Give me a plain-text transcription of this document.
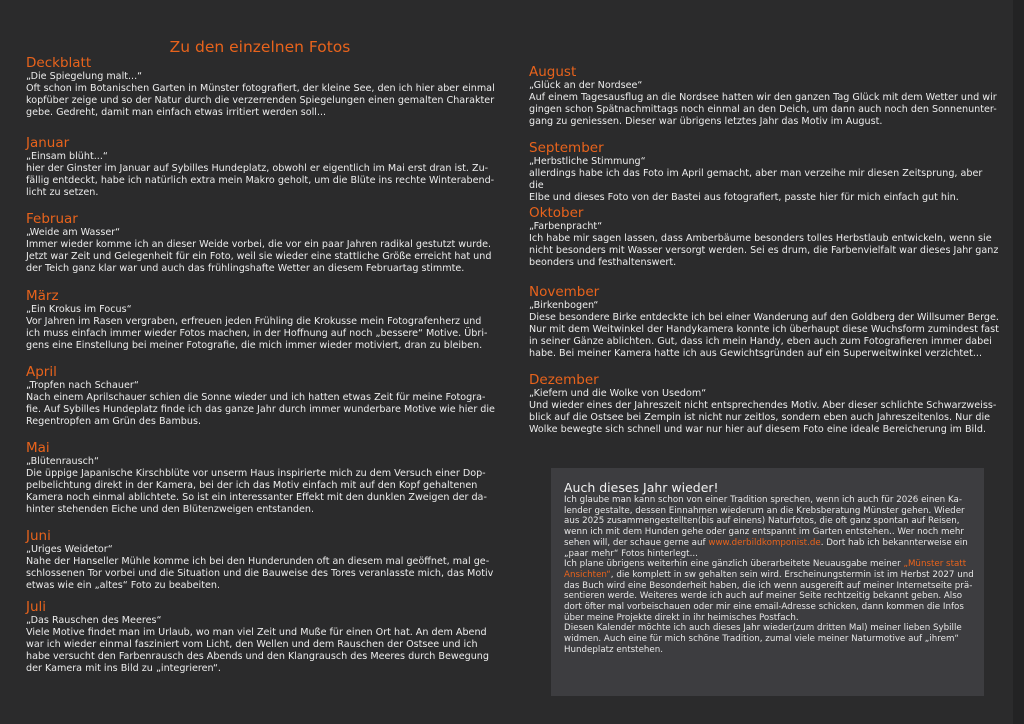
Zu den einzelnen Fotos
Deckblatt
„Die Spiegelung malt...“
Oft schon im Botanischen Garten in Münster fotografiert, der kleine See, den ich hier aber einmal
kopfüber zeige und so der Natur durch die verzerrenden Spiegelungen einen gemalten Charakter
gebe. Gedreht, damit man einfach etwas irritiert werden soll...
Januar
„Einsam blüht...“
hier der Ginster im Januar auf Sybilles Hundeplatz, obwohl er eigentlich im Mai erst dran ist. Zu-
fällig entdeckt, habe ich natürlich extra mein Makro geholt, um die Blüte ins rechte Winterabend-
licht zu setzen.
Februar
„Weide am Wasser“
Immer wieder komme ich an dieser Weide vorbei, die vor ein paar Jahren radikal gestutzt wurde.
Jetzt war Zeit und Gelegenheit für ein Foto, weil sie wieder eine stattliche Größe erreicht hat und
der Teich ganz klar war und auch das frühlingshafte Wetter an diesem Februartag stimmte.
März
„Ein Krokus im Focus“
Vor Jahren im Rasen vergraben, erfreuen jeden Frühling die Krokusse mein Fotografenherz und
ich muss einfach immer wieder Fotos machen, in der Hoffnung auf noch „bessere“ Motive. Übri-
gens eine Einstellung bei meiner Fotografie, die mich immer wieder motiviert, dran zu bleiben.
April
„Tropfen nach Schauer“
Nach einem Aprilschauer schien die Sonne wieder und ich hatten etwas Zeit für meine Fotogra-
fie. Auf Sybilles Hundeplatz finde ich das ganze Jahr durch immer wunderbare Motive wie hier die
Regentropfen am Grün des Bambus.
Mai
„Blütenrausch“
Die üppige Japanische Kirschblüte vor unserm Haus inspirierte mich zu dem Versuch einer Dop-
pelbelichtung direkt in der Kamera, bei der ich das Motiv einfach mit auf den Kopf gehaltenen
Kamera noch einmal ablichtete. So ist ein interessanter Effekt mit den dunklen Zweigen der da-
hinter stehenden Eiche und den Blütenzweigen entstanden.
Juni
„Uriges Weidetor“
Nahe der Hanseller Mühle komme ich bei den Hunderunden oft an diesem mal geöffnet, mal ge-
schlossenen Tor vorbei und die Situation und die Bauweise des Tores veranlasste mich, das Motiv
etwas wie ein „altes“ Foto zu beabeiten.
Juli
„Das Rauschen des Meeres“
Viele Motive findet man im Urlaub, wo man viel Zeit und Muße für einen Ort hat. An dem Abend
war ich wieder einmal fasziniert vom Licht, den Wellen und dem Rauschen der Ostsee und ich
habe versucht den Farbenrausch des Abends und den Klangrausch des Meeres durch Bewegung
der Kamera mit ins Bild zu „integrieren“.
August
„Glück an der Nordsee“
Auf einem Tagesausflug an die Nordsee hatten wir den ganzen Tag Glück mit dem Wetter und wir
gingen schon Spätnachmittags noch einmal an den Deich, um dann auch noch den Sonnenunter-
gang zu geniessen. Dieser war übrigens letztes Jahr das Motiv im August.
September
„Herbstliche Stimmung“
allerdings habe ich das Foto im April gemacht, aber man verzeihe mir diesen Zeitsprung, aber die
Elbe und dieses Foto von der Bastei aus fotografiert, passte hier für mich einfach gut hin.
Oktober
„Farbenpracht“
Ich habe mir sagen lassen, dass Amberbäume besonders tolles Herbstlaub entwickeln, wenn sie
nicht besonders mit Wasser versorgt werden. Sei es drum, die Farbenvielfalt war dieses Jahr ganz
beonders und festhaltenswert.
November
„Birkenbogen“
Diese besondere Birke entdeckte ich bei einer Wanderung auf den Goldberg der Willsumer Berge.
Nur mit dem Weitwinkel der Handykamera konnte ich überhaupt diese Wuchsform zumindest fast
in seiner Gänze ablichten. Gut, dass ich mein Handy, eben auch zum Fotografieren immer dabei
habe. Bei meiner Kamera hatte ich aus Gewichtsgründen auf ein Superweitwinkel verzichtet...
Dezember
„Kiefern und die Wolke von Usedom“
Und wieder eines der Jahreszeit nicht entsprechendes Motiv. Aber dieser schlichte Schwarzweiss-
blick auf die Ostsee bei Zempin ist nicht nur zeitlos, sondern eben auch Jahreszeitenlos. Nur die
Wolke bewegte sich schnell und war nur hier auf diesem Foto eine ideale Bereicherung im Bild.
Auch dieses Jahr wieder!
Ich glaube man kann schon von einer Tradition sprechen, wenn ich auch für 2026 einen Ka-
lender gestalte, dessen Einnahmen wiederum an die Krebsberatung Münster gehen. Wieder
aus 2025 zusammengestellten(bis auf einens) Naturfotos, die oft ganz spontan auf Reisen,
wenn ich mit dem Hunden gehe oder ganz entspannt im Garten entstehen.. Wer noch mehr
sehen will, der schaue gerne auf www.derbildkomponist.de. Dort hab ich bekannterweise ein
„paar mehr“ Fotos hinterlegt...
Ich plane übrigens weiterhin eine gänzlich überarbeitete Neuausgabe meiner „Münster statt
Ansichten“, die komplett in sw gehalten sein wird. Erscheinungstermin ist im Herbst 2027 und
das Buch wird eine Besonderheit haben, die ich wenn ausgereift auf meiner Internetseite prä-
sentieren werde. Weiteres werde ich auch auf meiner Seite rechtzeitig bekannt geben. Also
dort öfter mal vorbeischauen oder mir eine email-Adresse schicken, dann kommen die Infos
über meine Projekte direkt in ihr heimisches Postfach.
Diesen Kalender möchte ich auch dieses Jahr wieder(zum dritten Mal) meiner lieben Sybille
widmen. Auch eine für mich schöne Tradition, zumal viele meiner Naturmotive auf „ihrem“
Hundeplatz entstehen.
